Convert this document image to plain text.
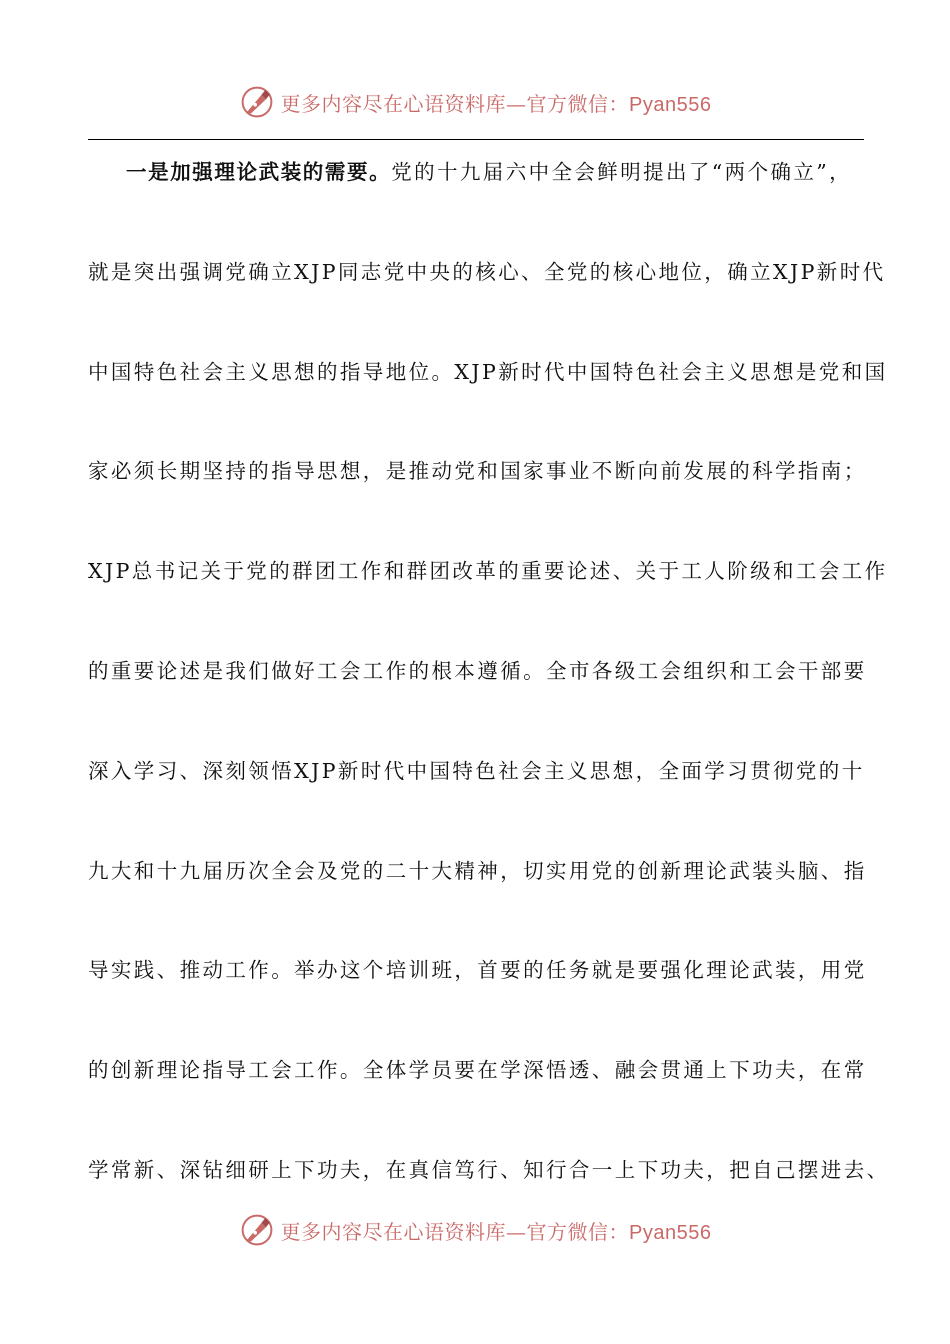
更多内容尽在心语资料库—官方微信：Pyan556
一是加强理论武装的需要。党的十九届六中全会鲜明提出了“两个确立”，
就是突出强调党确立XJP同志党中央的核心、全党的核心地位，确立XJP新时代
中国特色社会主义思想的指导地位。XJP新时代中国特色社会主义思想是党和国
家必须长期坚持的指导思想，是推动党和国家事业不断向前发展的科学指南；
XJP总书记关于党的群团工作和群团改革的重要论述、关于工人阶级和工会工作
的重要论述是我们做好工会工作的根本遵循。全市各级工会组织和工会干部要
深入学习、深刻领悟XJP新时代中国特色社会主义思想，全面学习贯彻党的十
九大和十九届历次全会及党的二十大精神，切实用党的创新理论武装头脑、指
导实践、推动工作。举办这个培训班，首要的任务就是要强化理论武装，用党
的创新理论指导工会工作。全体学员要在学深悟透、融会贯通上下功夫，在常
学常新、深钻细研上下功夫，在真信笃行、知行合一上下功夫，把自己摆进去、
更多内容尽在心语资料库—官方微信：Pyan556
